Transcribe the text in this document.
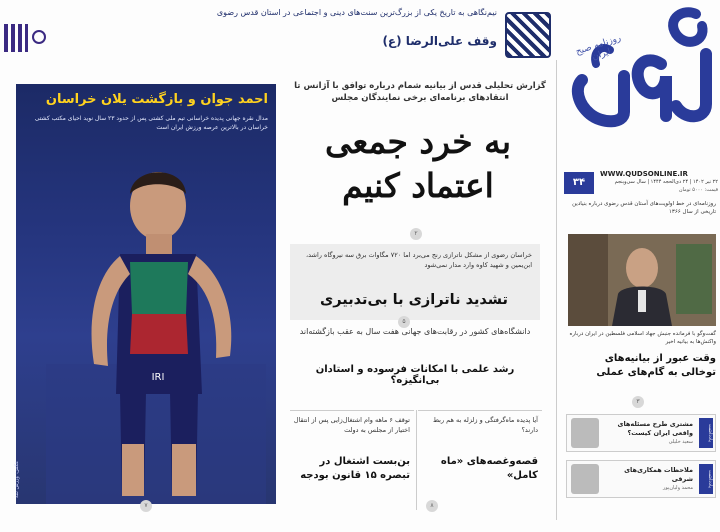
نیم‌نگاهی به تاریخ یکی از بزرگ‌ترین سنت‌های دینی و اجتماعی در استان قدس رضوی
وقف علی‌الرضا (ع)	روزنامه صبح ایران
۳۴
WWW.QUDSONLINE.IR
۲۲ تیر ۱۴۰۲ | ۲۴ ذی‌الحجه ۱۴۴۴ | سال سی‌وپنجم
قیمت: ۵۰۰۰ تومان
روزنامه‌ای در خط اولویت‌های آستان قدس رضوی درباره بنیادین تاریخی از سال ۱۳۶۶
احمد جوان و بازگشت یلان خراسان
مدال نقره جهانی پدیده خراسانی تیم ملی کشتی پس از حدود ۲۳ سال نوید احیای مکتب کشتی خراسان در بالاترین عرصه ورزش ایران است
IRI
عکس: ورزش سه
۷
گزارش تحلیلی قدس از بیانیه شمام درباره توافق با آژانس تا انتقادهای برنامه‌ای برخی نمایندگان مجلس
به خرد جمعی اعتماد کنیم
۲
خراسان رضوی از مشکل ناترازی رنج می‌برد اما ۷۲۰ مگاوات برق سه نیروگاه راشد، ابن‌یمین و شهید کاوه وارد مدار نمی‌شود
تشدید ناترازی با بی‌تدبیری
۵
دانشگاه‌های کشور در رقابت‌های جهانی هفت سال به عقب بازگشته‌اند
رشد علمی با امکانات فرسوده و استادان بی‌انگیزه؟
آیا پدیده ماه‌گرفتگی و زلزله به هم ربط دارند؟
قصه‌وغصه‌های «ماه کامل»
۸
توقف ۶ ماهه وام اشتغال‌زایی پس از انتقال اختیار از مجلس به دولت
بن‌بست اشتغال در تبصره ۱۵ قانون بودجه
گفت‌وگو با فرمانده جنبش جهاد اسلامی فلسطین در ایران درباره واکنش‌ها به بیانیه اخیر
وقت عبور از بیانیه‌های توخالی به گام‌های عملی
۳
مشتری طرح مسئله‌های واقعی ایران کیست؟
سعید خلیلی
یادداشت
ملاحظات همکاری‌های شرقی
محمد ولیان‌پور
یادداشت
